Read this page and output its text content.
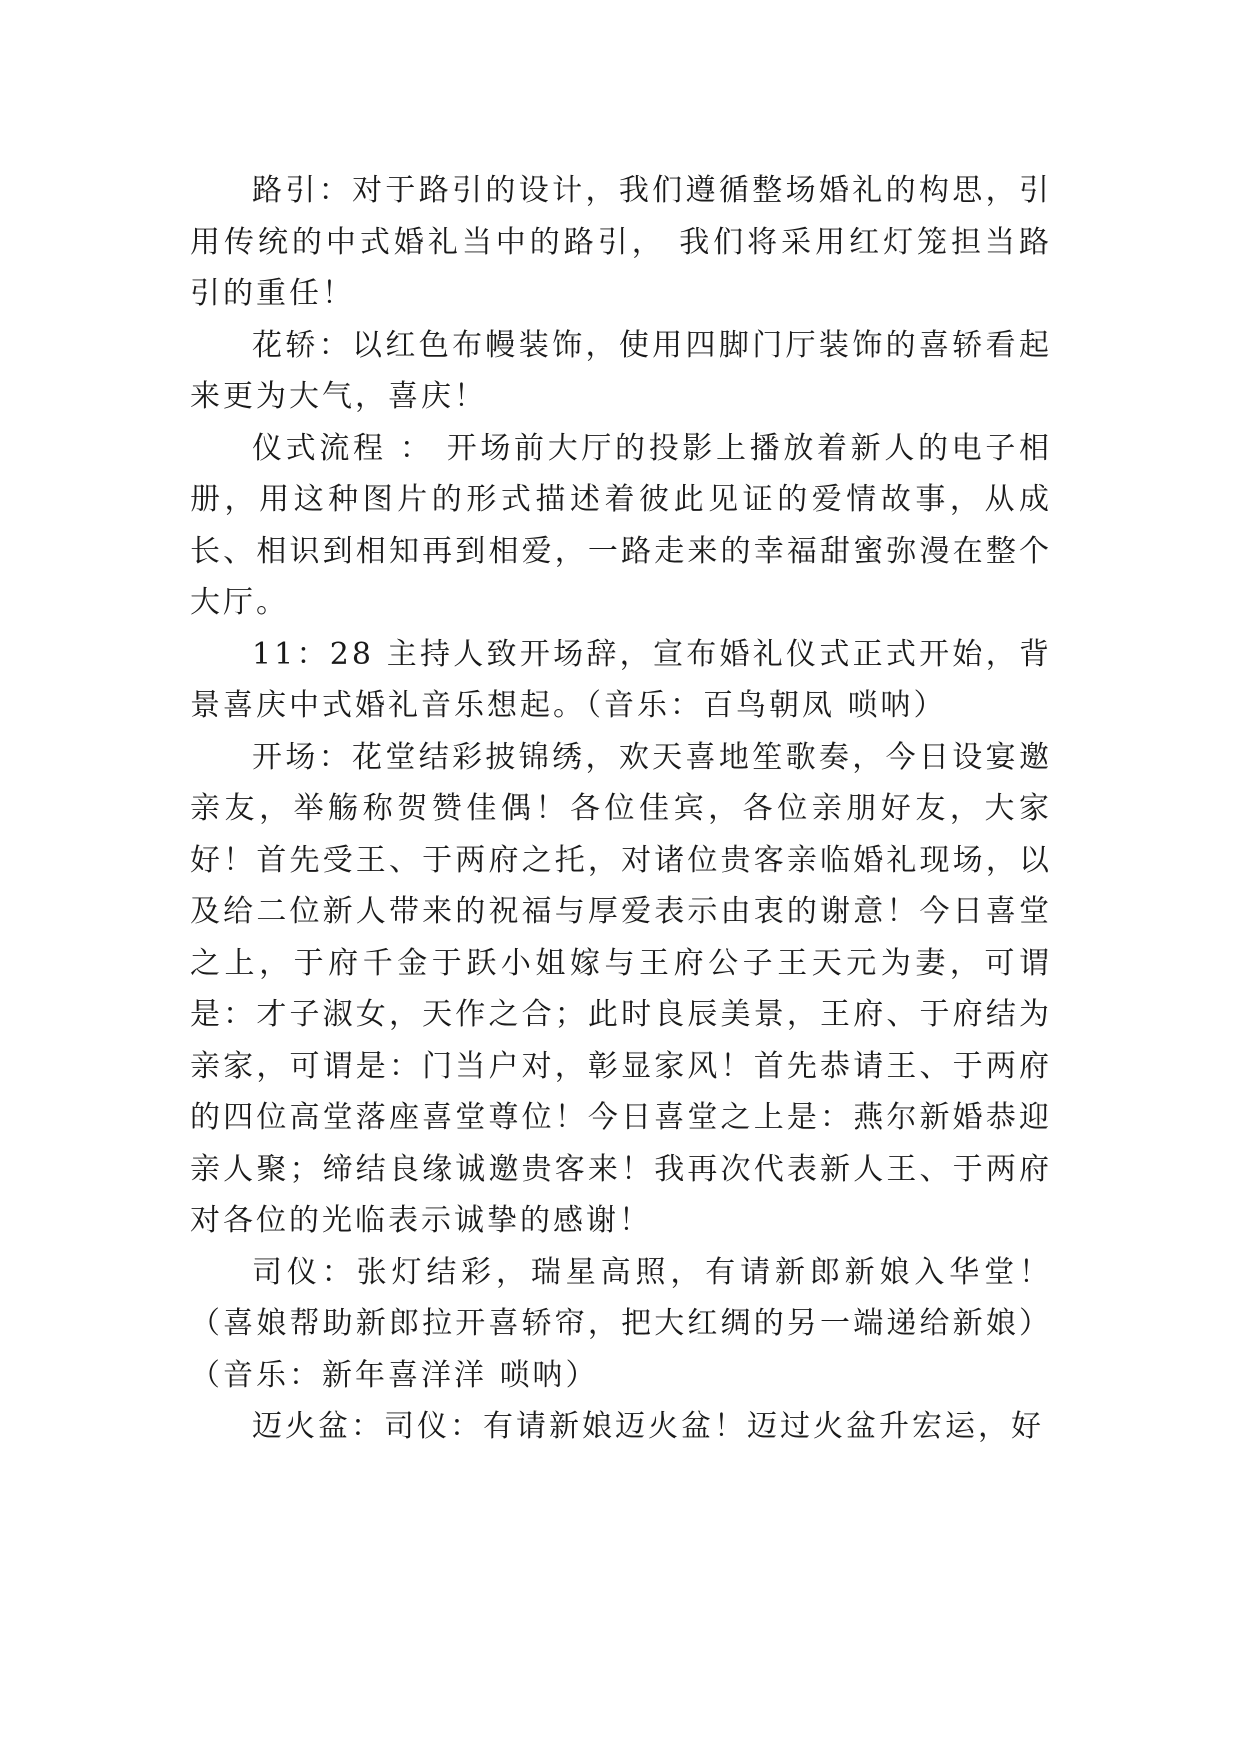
路引：对于路引的设计，我们遵循整场婚礼的构思，引用传统的中式婚礼当中的路引， 我们将采用红灯笼担当路引的重任！

花轿：以红色布幔装饰，使用四脚门厅装饰的喜轿看起来更为大气，喜庆！

仪式流程 ： 开场前大厅的投影上播放着新人的电子相册，用这种图片的形式描述着彼此见证的爱情故事，从成长、相识到相知再到相爱，一路走来的幸福甜蜜弥漫在整个大厅。

11：28 主持人致开场辞，宣布婚礼仪式正式开始，背景喜庆中式婚礼音乐想起。（音乐：百鸟朝凤 唢呐）

开场：花堂结彩披锦绣，欢天喜地笙歌奏，今日设宴邀亲友，举觞称贺赞佳偶！各位佳宾，各位亲朋好友，大家好！首先受王、于两府之托，对诸位贵客亲临婚礼现场，以及给二位新人带来的祝福与厚爱表示由衷的谢意！今日喜堂之上，于府千金于跃小姐嫁与王府公子王天元为妻，可谓是：才子淑女，天作之合；此时良辰美景，王府、于府结为亲家，可谓是：门当户对，彰显家风！首先恭请王、于两府的四位高堂落座喜堂尊位！今日喜堂之上是：燕尔新婚恭迎亲人聚；缔结良缘诚邀贵客来！我再次代表新人王、于两府对各位的光临表示诚挚的感谢！

司仪：张灯结彩，瑞星高照，有请新郎新娘入华堂！（喜娘帮助新郎拉开喜轿帘，把大红绸的另一端递给新娘）（音乐：新年喜洋洋 唢呐）

迈火盆：司仪：有请新娘迈火盆！迈过火盆升宏运，好
